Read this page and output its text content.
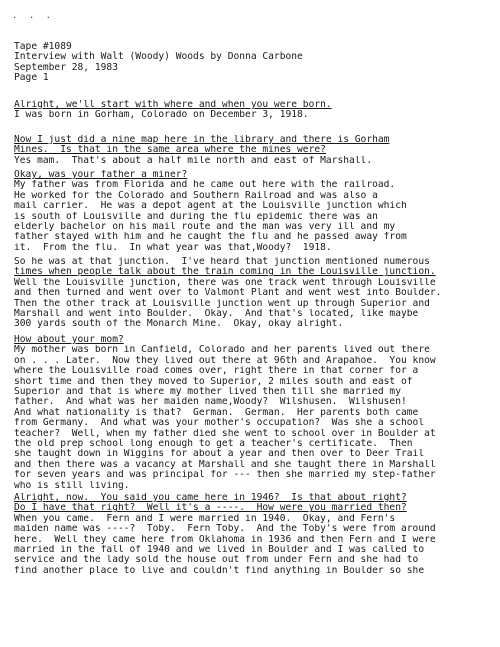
. . .
Tape #1089
Interview with Walt (Woody) Woods by Donna Carbone
September 28, 1983
Page 1
Alright, we'll start with where and when you were born.
I was born in Gorham, Colorado on December 3, 1918.
Now I just did a nine map here in the library and there is Gorham
Mines.  Is that in the same area where the mines were?
Yes mam.  That's about a half mile north and east of Marshall.
Okay, was your father a miner?
My father was from Florida and he came out here with the railroad.
He worked for the Colorado and Southern Railroad and was also a
mail carrier.  He was a depot agent at the Louisville junction which
is south of Louisville and during the flu epidemic there was an
elderly bachelor on his mail route and the man was very ill and my
father stayed with him and he caught the flu and he passed away from
it.  From the flu.  In what year was that,Woody?  1918.
So he was at that junction.  I've heard that junction mentioned numerous
times when people talk about the train coming in the Louisville junction.
Well the Louisville junction, there was one track went through Louisville
and then turned and went over to Valmont Plant and went west into Boulder.
Then the other track at Louisville junction went up through Superior and
Marshall and went into Boulder.  Okay.  And that's located, like maybe
300 yards south of the Monarch Mine.  Okay, okay alright.
How about your mom?
My mother was born in Canfield, Colorado and her parents lived out there
on . . . Later.  Now they lived out there at 96th and Arapahoe.  You know
where the Louisville road comes over, right there in that corner for a
short time and then they moved to Superior, 2 miles south and east of
Superior and that is where my mother lived then till she married my
father.  And what was her maiden name,Woody?  Wilshusen.  Wilshusen!
And what nationality is that?  German.  German.  Her parents both came
from Germany.  And what was your mother's occupation?  Was she a school
teacher?  Well, when my father died she went to school over in Boulder at
the old prep school long enough to get a teacher's certificate.  Then
she taught down in Wiggins for about a year and then over to Deer Trail
and then there was a vacancy at Marshall and she taught there in Marshall
for seven years and was principal for --- then she married my step-father
who is still living.
Alright, now.  You said you came here in 1946?  Is that about right?
Do I have that right?  Well it's a ----.  How were you married then?
When you came.  Fern and I were married in 1940.  Okay, and Fern's
maiden name was ----?  Toby.  Fern Toby.  And the Toby's were from around
here.  Well they came here from Oklahoma in 1936 and then Fern and I were
married in the fall of 1940 and we lived in Boulder and I was called to
service and the lady sold the house out from under Fern and she had to
find another place to live and couldn't find anything in Boulder so she
